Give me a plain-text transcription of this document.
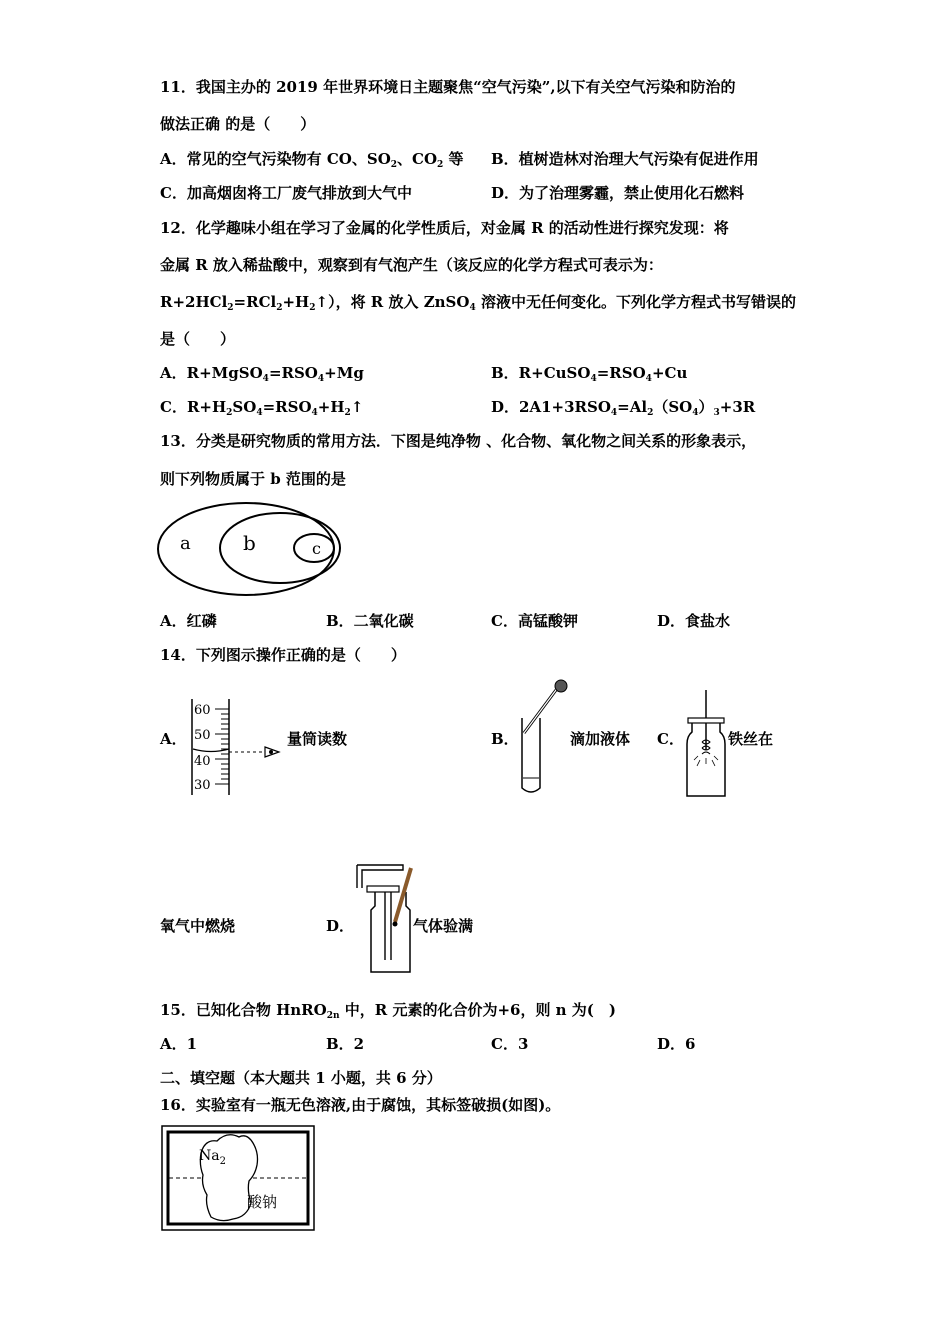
11．我国主办的 2019 年世界环境日主题聚焦“空气污染”,以下有关空气污染和防治的
做法正确 的是（　　）
A．常见的空气污染物有 CO、$SO_2$、$CO_2$ 等 B．植树造林对治理大气污染有促进作用
C．加高烟囱将工厂废气排放到大气中	D．为了治理雾霾，禁止使用化石燃料
12．化学趣味小组在学习了金属的化学性质后，对金属 R 的活动性进行探究发现：将
金属 R 放入稀盐酸中，观察到有气泡产生（该反应的化学方程式可表示为：
$R+2HCl_2=RCl_2+H_2↑$），将 R 放入 ZnSO$_4$ 溶液中无任何变化。下列化学方程式书写错误的
是（　　）
A．$R+MgSO_4=RSO_4+Mg$	B．$R+CuSO_4=RSO_4+Cu$
C．$R+H_2SO_4=RSO_4+H_2↑$	D．$2A1+3RSO_4=Al_2(SO_4)_3+3R$
13．分类是研究物质的常用方法．下图是纯净物 、化合物、氧化物之间关系的形象表示，
则下列物质属于 b 范围的是
a	b	c
A．红磷	B．二氧化碳	C．高锰酸钾	D．食盐水
14．下列图示操作正确的是（　　）
A．
60
50
40
30
量筒读数	B．	滴加液体 C．	铁丝在
氧气中燃烧	D．	气体验满
15．已知化合物 HnRO$_{2n}$ 中，R 元素的化合价为+6，则 n 为(　)
A．1	B．2	C．3	D．6
二、填空题（本大题共 1 小题，共 6 分）
16．实验室有一瓶无色溶液,由于腐蚀，其标签破损(如图)。
$Na_2$
酸钠
